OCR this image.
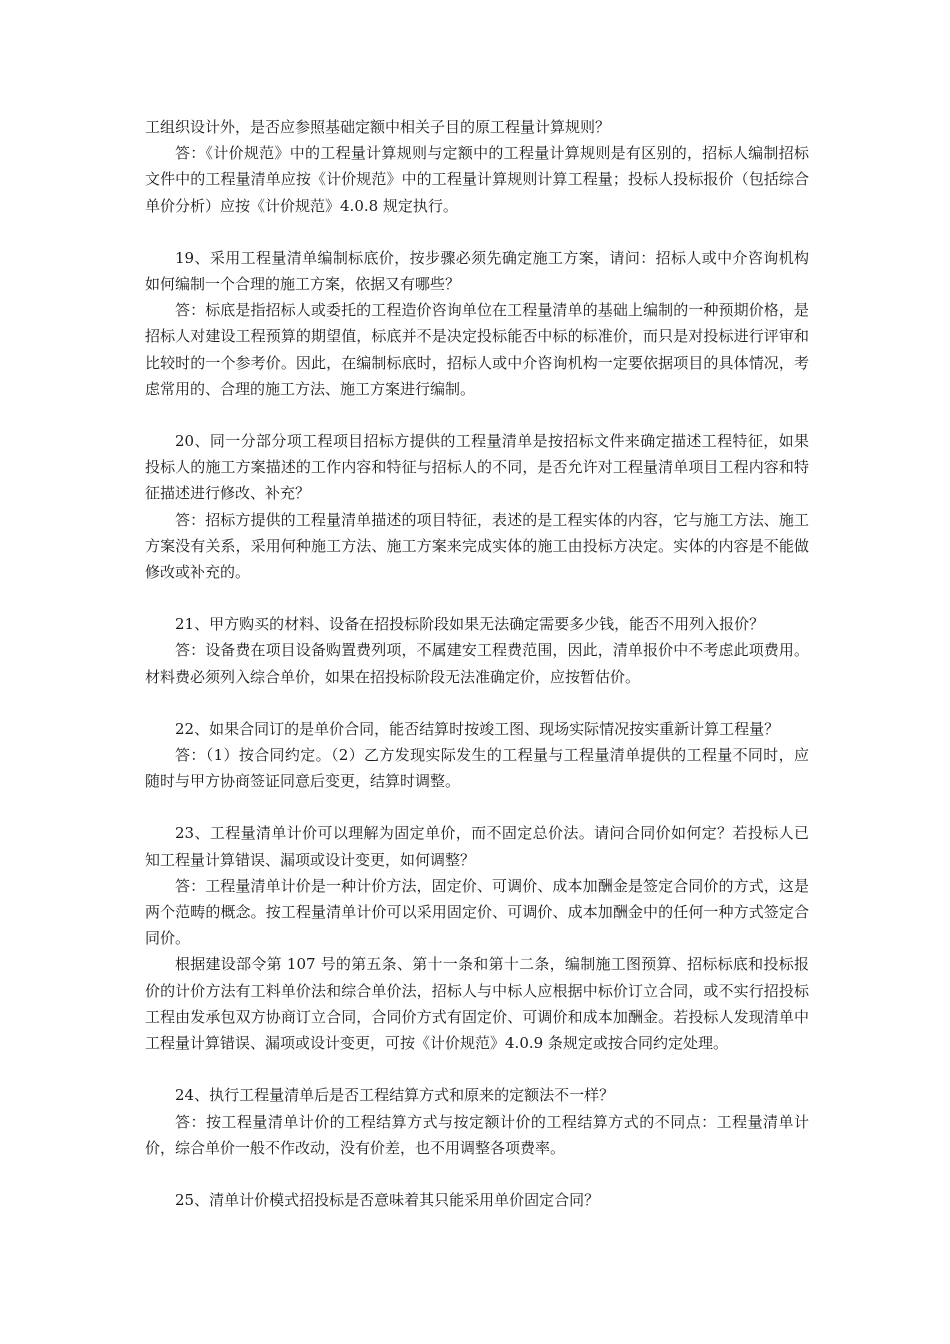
工组织设计外，是否应参照基础定额中相关子目的原工程量计算规则？

答：《计价规范》中的工程量计算规则与定额中的工程量计算规则是有区别的，招标人编制招标文件中的工程量清单应按《计价规范》中的工程量计算规则计算工程量；投标人投标报价（包括综合单价分析）应按《计价规范》4.0.8 规定执行。

19、采用工程量清单编制标底价，按步骤必须先确定施工方案，请问：招标人或中介咨询机构如何编制一个合理的施工方案，依据又有哪些？

答：标底是指招标人或委托的工程造价咨询单位在工程量清单的基础上编制的一种预期价格，是招标人对建设工程预算的期望值，标底并不是决定投标能否中标的标准价，而只是对投标进行评审和比较时的一个参考价。因此，在编制标底时，招标人或中介咨询机构一定要依据项目的具体情况，考虑常用的、合理的施工方法、施工方案进行编制。

20、同一分部分项工程项目招标方提供的工程量清单是按招标文件来确定描述工程特征，如果投标人的施工方案描述的工作内容和特征与招标人的不同，是否允许对工程量清单项目工程内容和特征描述进行修改、补充？

答：招标方提供的工程量清单描述的项目特征，表述的是工程实体的内容，它与施工方法、施工方案没有关系，采用何种施工方法、施工方案来完成实体的施工由投标方决定。实体的内容是不能做修改或补充的。

21、甲方购买的材料、设备在招投标阶段如果无法确定需要多少钱，能否不用列入报价？

答：设备费在项目设备购置费列项，不属建安工程费范围，因此，清单报价中不考虑此项费用。材料费必须列入综合单价，如果在招投标阶段无法准确定价，应按暂估价。

22、如果合同订的是单价合同，能否结算时按竣工图、现场实际情况按实重新计算工程量？

答：（1）按合同约定。（2）乙方发现实际发生的工程量与工程量清单提供的工程量不同时，应随时与甲方协商签证同意后变更，结算时调整。

23、工程量清单计价可以理解为固定单价，而不固定总价法。请问合同价如何定？若投标人已知工程量计算错误、漏项或设计变更，如何调整？

答：工程量清单计价是一种计价方法，固定价、可调价、成本加酬金是签定合同价的方式，这是两个范畴的概念。按工程量清单计价可以采用固定价、可调价、成本加酬金中的任何一种方式签定合同价。

根据建设部令第 107 号的第五条、第十一条和第十二条，编制施工图预算、招标标底和投标报价的计价方法有工料单价法和综合单价法，招标人与中标人应根据中标价订立合同，或不实行招投标工程由发承包双方协商订立合同，合同价方式有固定价、可调价和成本加酬金。若投标人发现清单中工程量计算错误、漏项或设计变更，可按《计价规范》4.0.9 条规定或按合同约定处理。

24、执行工程量清单后是否工程结算方式和原来的定额法不一样？

答：按工程量清单计价的工程结算方式与按定额计价的工程结算方式的不同点：工程量清单计价，综合单价一般不作改动，没有价差，也不用调整各项费率。

25、清单计价模式招投标是否意味着其只能采用单价固定合同？
